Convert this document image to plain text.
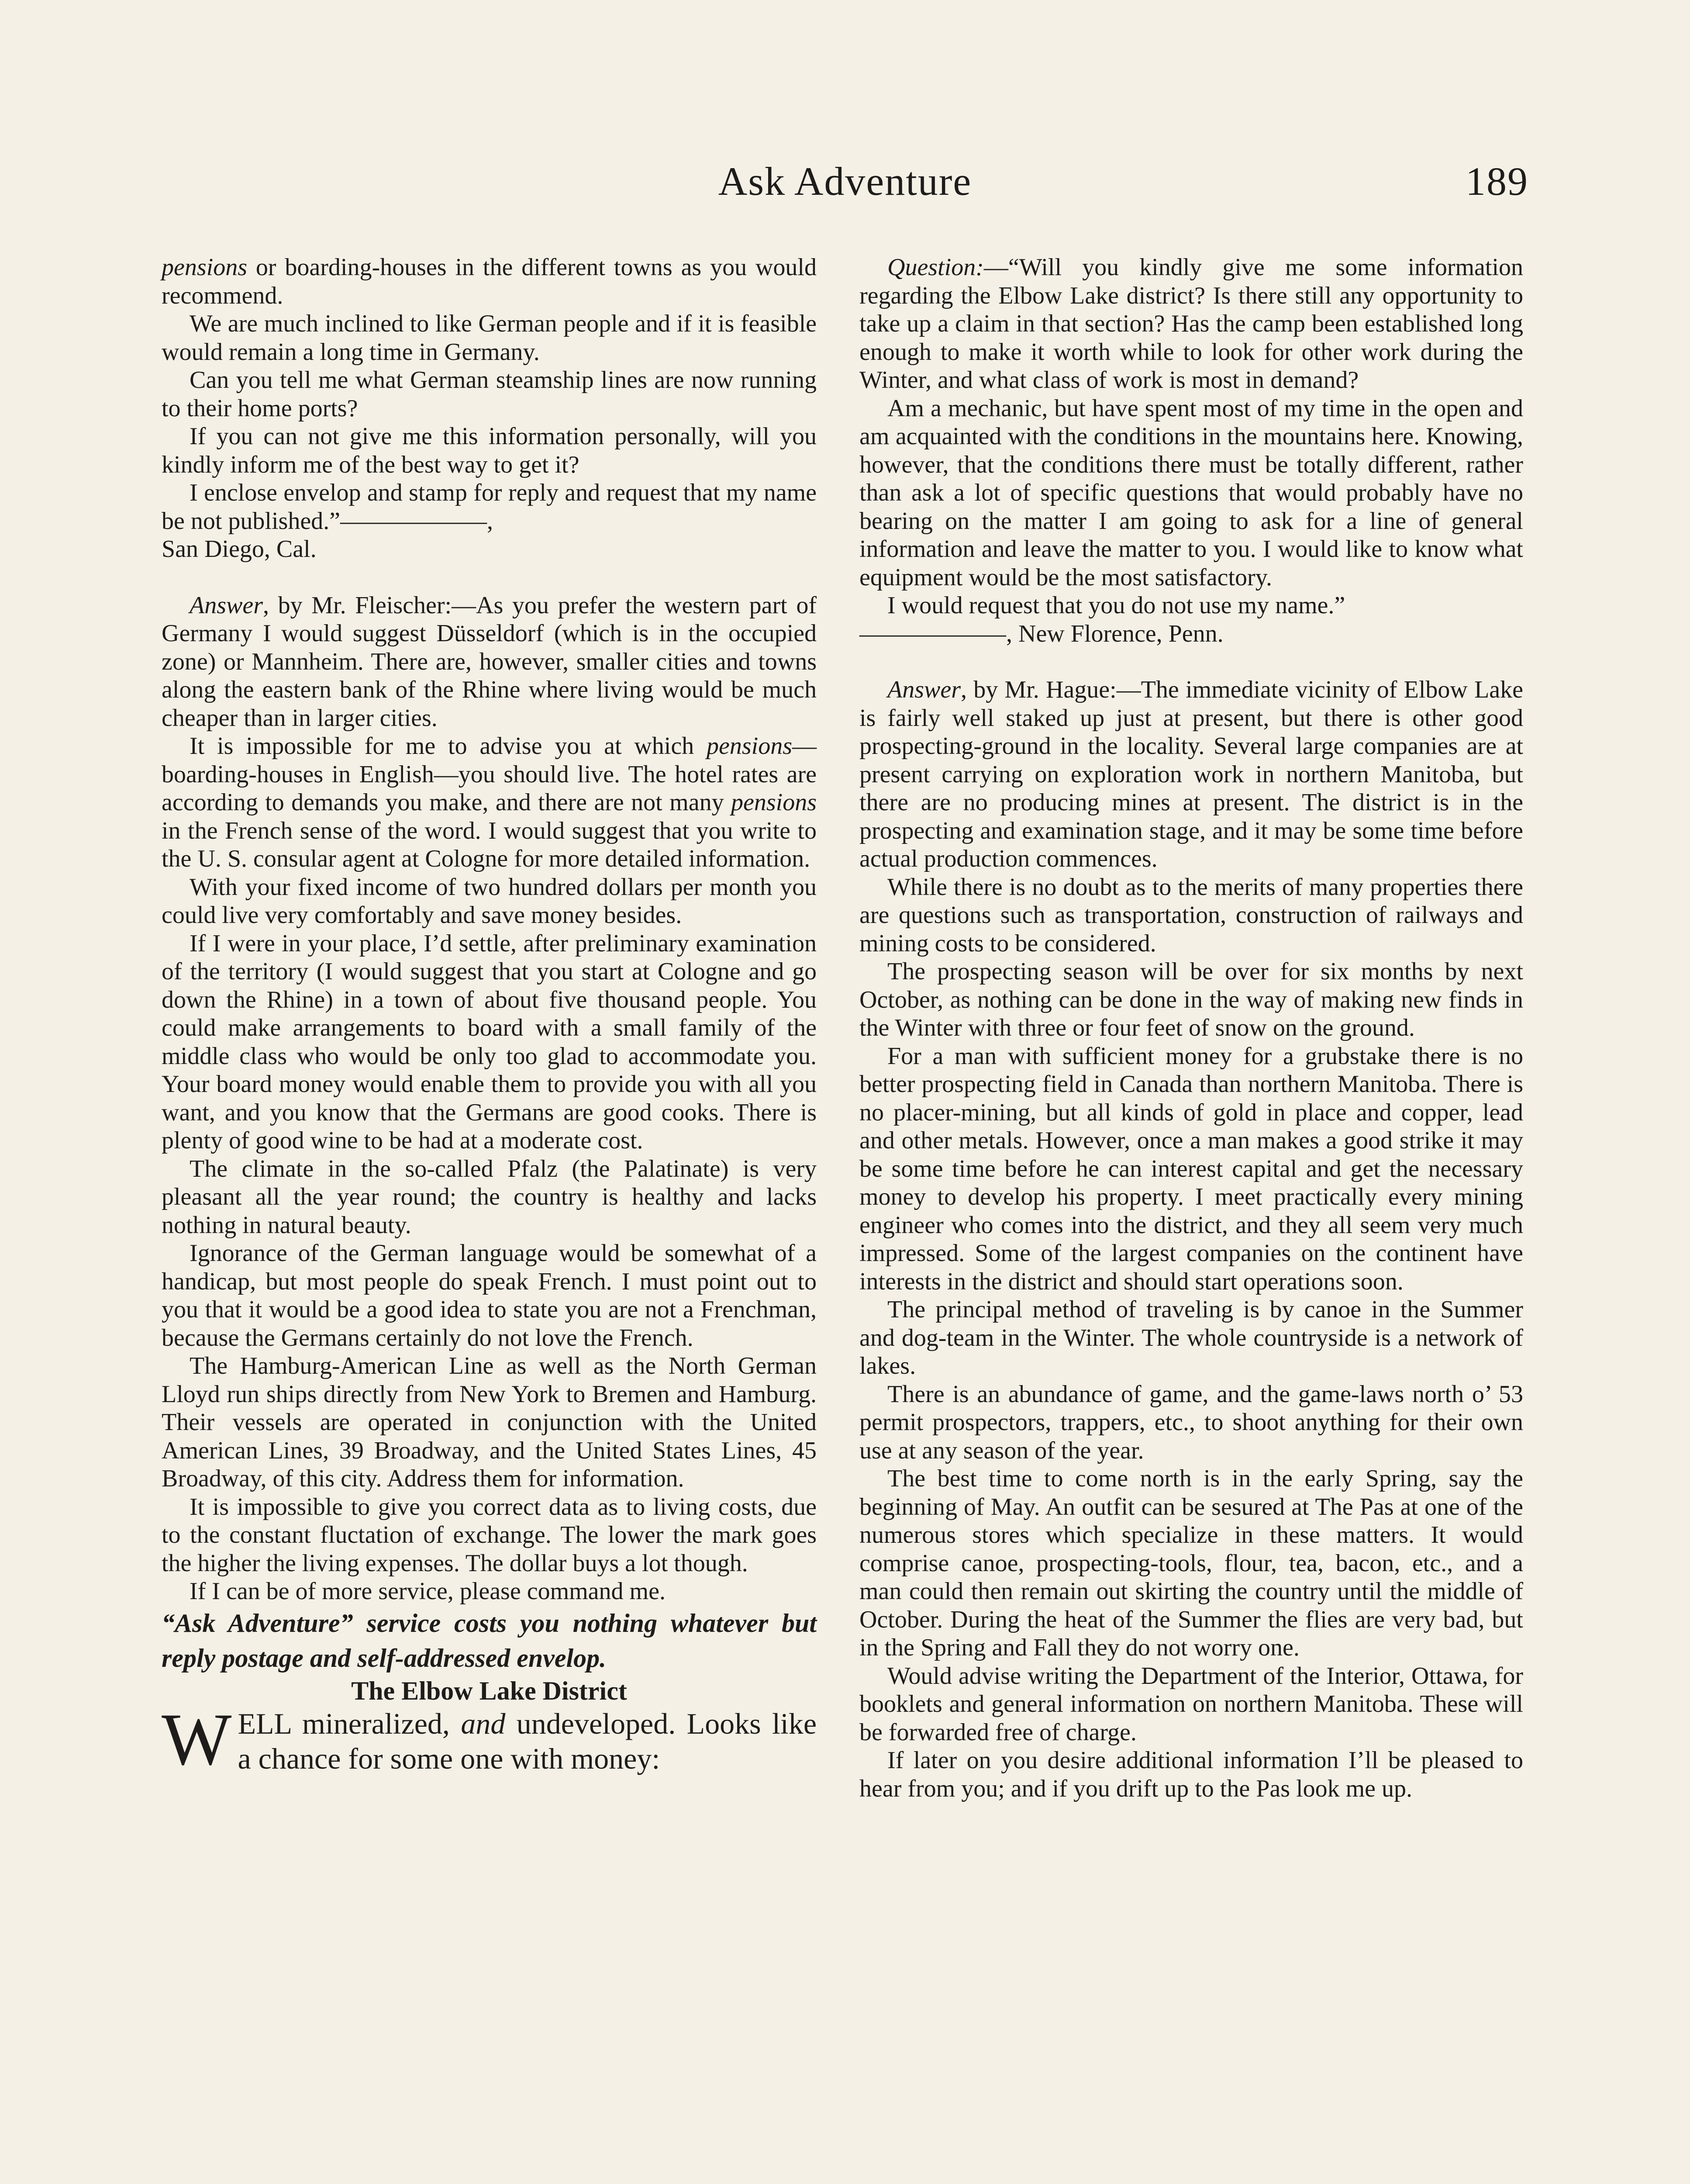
Ask Adventure	189

pensions or boarding-houses in the different towns as you would recommend.

We are much inclined to like German people and if it is feasible would remain a long time in Germany.

Can you tell me what German steamship lines are now running to their home ports?

If you can not give me this information personally, will you kindly inform me of the best way to get it?

I enclose envelop and stamp for reply and request that my name be not published.”——————,

San Diego, Cal.

Answer, by Mr. Fleischer:—As you prefer the western part of Germany I would suggest Düsseldorf (which is in the occupied zone) or Mannheim. There are, however, smaller cities and towns along the eastern bank of the Rhine where living would be much cheaper than in larger cities.

It is impossible for me to advise you at which pensions—boarding-houses in English—you should live. The hotel rates are according to demands you make, and there are not many pensions in the French sense of the word. I would suggest that you write to the U. S. consular agent at Cologne for more detailed information.

With your fixed income of two hundred dollars per month you could live very comfortably and save money besides.

If I were in your place, I’d settle, after preliminary examination of the territory (I would suggest that you start at Cologne and go down the Rhine) in a town of about five thousand people. You could make arrangements to board with a small family of the middle class who would be only too glad to accommodate you. Your board money would enable them to provide you with all you want, and you know that the Germans are good cooks. There is plenty of good wine to be had at a moderate cost.

The climate in the so-called Pfalz (the Palatinate) is very pleasant all the year round; the country is healthy and lacks nothing in natural beauty.

Ignorance of the German language would be somewhat of a handicap, but most people do speak French. I must point out to you that it would be a good idea to state you are not a Frenchman, because the Germans certainly do not love the French.

The Hamburg-American Line as well as the North German Lloyd run ships directly from New York to Bremen and Hamburg. Their vessels are operated in conjunction with the United American Lines, 39 Broadway, and the United States Lines, 45 Broadway, of this city. Address them for information.

It is impossible to give you correct data as to living costs, due to the constant fluctation of exchange. The lower the mark goes the higher the living expenses. The dollar buys a lot though.

If I can be of more service, please command me.

“Ask Adventure” service costs you nothing whatever but reply postage and self-addressed envelop.

The Elbow Lake District

WELL mineralized, and undeveloped. Looks like a chance for some one with money:

Question:—“Will you kindly give me some information regarding the Elbow Lake district? Is there still any opportunity to take up a claim in that section? Has the camp been established long enough to make it worth while to look for other work during the Winter, and what class of work is most in demand?

Am a mechanic, but have spent most of my time in the open and am acquainted with the conditions in the mountains here. Knowing, however, that the conditions there must be totally different, rather than ask a lot of specific questions that would probably have no bearing on the matter I am going to ask for a line of general information and leave the matter to you. I would like to know what equipment would be the most satisfactory.

I would request that you do not use my name.”

——————, New Florence, Penn.

Answer, by Mr. Hague:—The immediate vicinity of Elbow Lake is fairly well staked up just at present, but there is other good prospecting-ground in the locality. Several large companies are at present carrying on exploration work in northern Manitoba, but there are no producing mines at present. The district is in the prospecting and examination stage, and it may be some time before actual production commences.

While there is no doubt as to the merits of many properties there are questions such as transportation, construction of railways and mining costs to be considered.

The prospecting season will be over for six months by next October, as nothing can be done in the way of making new finds in the Winter with three or four feet of snow on the ground.

For a man with sufficient money for a grubstake there is no better prospecting field in Canada than northern Manitoba. There is no placer-mining, but all kinds of gold in place and copper, lead and other metals. However, once a man makes a good strike it may be some time before he can interest capital and get the necessary money to develop his property. I meet practically every mining engineer who comes into the district, and they all seem very much impressed. Some of the largest companies on the continent have interests in the district and should start operations soon.

The principal method of traveling is by canoe in the Summer and dog-team in the Winter. The whole countryside is a network of lakes.

There is an abundance of game, and the game-laws north o’ 53 permit prospectors, trappers, etc., to shoot anything for their own use at any season of the year.

The best time to come north is in the early Spring, say the beginning of May. An outfit can be sesured at The Pas at one of the numerous stores which specialize in these matters. It would comprise canoe, prospecting-tools, flour, tea, bacon, etc., and a man could then remain out skirting the country until the middle of October. During the heat of the Summer the flies are very bad, but in the Spring and Fall they do not worry one.

Would advise writing the Department of the Interior, Ottawa, for booklets and general information on northern Manitoba. These will be forwarded free of charge.

If later on you desire additional information I’ll be pleased to hear from you; and if you drift up to the Pas look me up.
